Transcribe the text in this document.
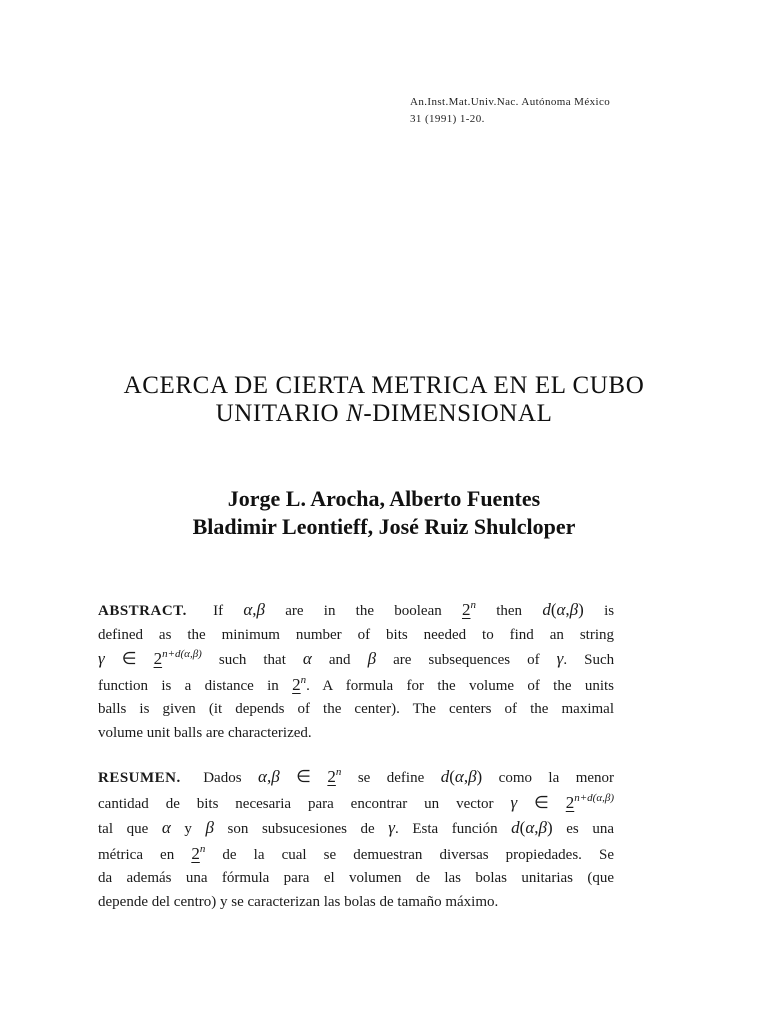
An.Inst.Mat.Univ.Nac. Autónoma México
31 (1991) 1-20.
ACERCA DE CIERTA METRICA EN EL CUBO
UNITARIO N-DIMENSIONAL
Jorge L. Arocha, Alberto Fuentes
Bladimir Leontieff, José Ruiz Shulcloper
ABSTRACT. If α,β are in the boolean 2$^n$ then d(α,β) is
defined as the minimum number of bits needed to find an string
γ ∈ $2^{n+d(\alpha,\beta)}$ such that α and β are subsequences of γ. Such
function is a distance in 2$^n$. A formula for the volume of the units
balls is given (it depends of the center). The centers of the maximal
volume unit balls are characterized.
RESUMEN. Dados α,β ∈ 2$^n$ se define d(α,β) como la menor
cantidad de bits necesaria para encontrar un vector γ ∈ $2^{n+d(\alpha,\beta)}$
tal que α y β son subsucesiones de γ. Esta función d(α,β) es una
métrica en 2$^n$ de la cual se demuestran diversas propiedades. Se
da además una fórmula para el volumen de las bolas unitarias (que
depende del centro) y se caracterizan las bolas de tamaño máximo.
